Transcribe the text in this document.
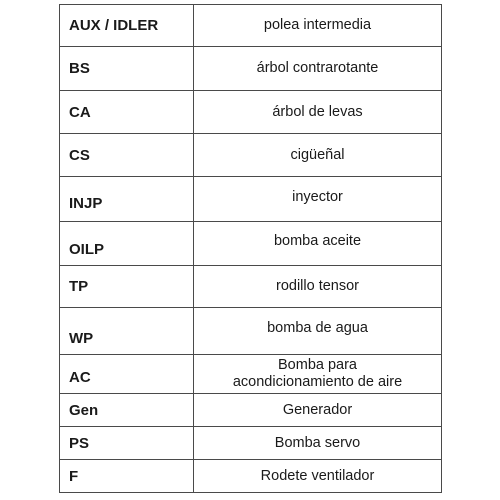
AUX / IDLER	polea intermedia
BS	árbol contrarotante
CA	árbol de levas
CS	cigüeñal
INJP	inyector
OILP	bomba aceite
TP	rodillo tensor
WP	bomba de agua
AC	Bomba para
acondicionamiento de aire

Gen	Generador
PS	Bomba servo
F	Rodete ventilador
